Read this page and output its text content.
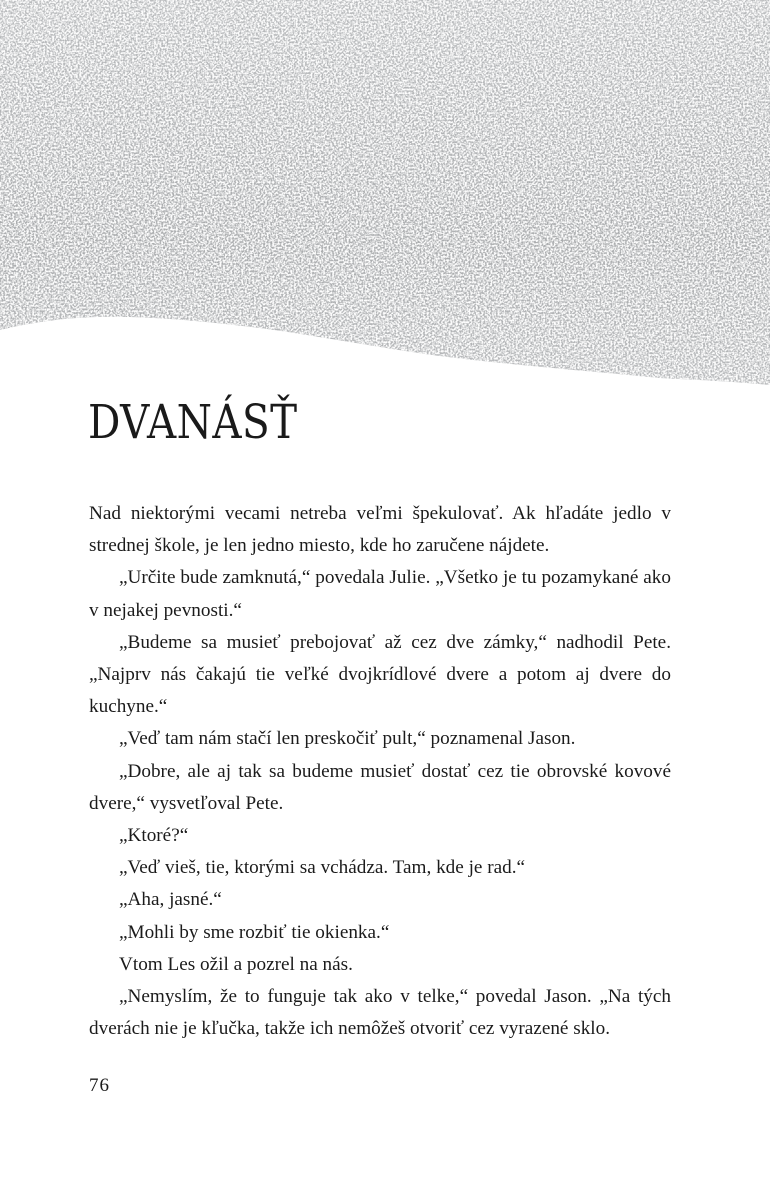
DVANÁSŤ

Nad niektorými vecami netreba veľmi špekulovať. Ak hľadáte jedlo v strednej škole, je len jedno miesto, kde ho zaručene nájdete.

„Určite bude zamknutá,“ povedala Julie. „Všetko je tu pozamykané ako v nejakej pevnosti.“

„Budeme sa musieť prebojovať až cez dve zámky,“ nadhodil Pete. „Najprv nás čakajú tie veľké dvojkrídlové dvere a potom aj dvere do kuchyne.“

„Veď tam nám stačí len preskočiť pult,“ poznamenal Jason.

„Dobre, ale aj tak sa budeme musieť dostať cez tie obrovské kovové dvere,“ vysvetľoval Pete.

„Ktoré?“

„Veď vieš, tie, ktorými sa vchádza. Tam, kde je rad.“

„Aha, jasné.“

„Mohli by sme rozbiť tie okienka.“

Vtom Les ožil a pozrel na nás.

„Nemyslím, že to funguje tak ako v telke,“ povedal Jason. „Na tých dverách nie je kľučka, takže ich nemôžeš otvoriť cez vyrazené sklo.

76
